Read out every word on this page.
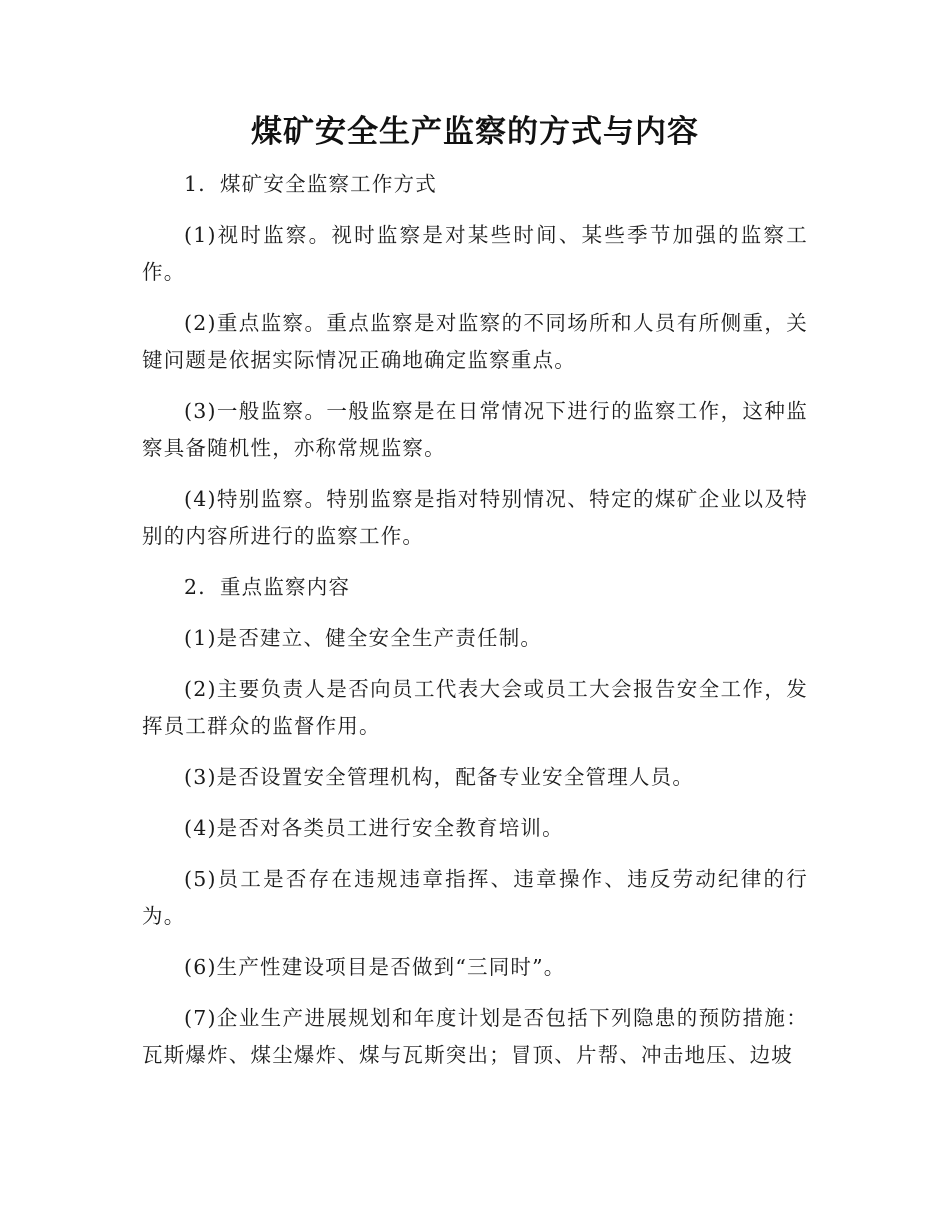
煤矿安全生产监察的方式与内容

1．煤矿安全监察工作方式

(1)视时监察。视时监察是对某些时间、某些季节加强的监察工作。

(2)重点监察。重点监察是对监察的不同场所和人员有所侧重，关键问题是依据实际情况正确地确定监察重点。

(3)一般监察。一般监察是在日常情况下进行的监察工作，这种监察具备随机性，亦称常规监察。

(4)特别监察。特别监察是指对特别情况、特定的煤矿企业以及特别的内容所进行的监察工作。

2．重点监察内容

(1)是否建立、健全安全生产责任制。

(2)主要负责人是否向员工代表大会或员工大会报告安全工作，发挥员工群众的监督作用。

(3)是否设置安全管理机构，配备专业安全管理人员。

(4)是否对各类员工进行安全教育培训。

(5)员工是否存在违规违章指挥、违章操作、违反劳动纪律的行为。

(6)生产性建设项目是否做到“三同时”。

(7)企业生产进展规划和年度计划是否包括下列隐患的预防措施：瓦斯爆炸、煤尘爆炸、煤与瓦斯突出；冒顶、片帮、冲击地压、边坡
